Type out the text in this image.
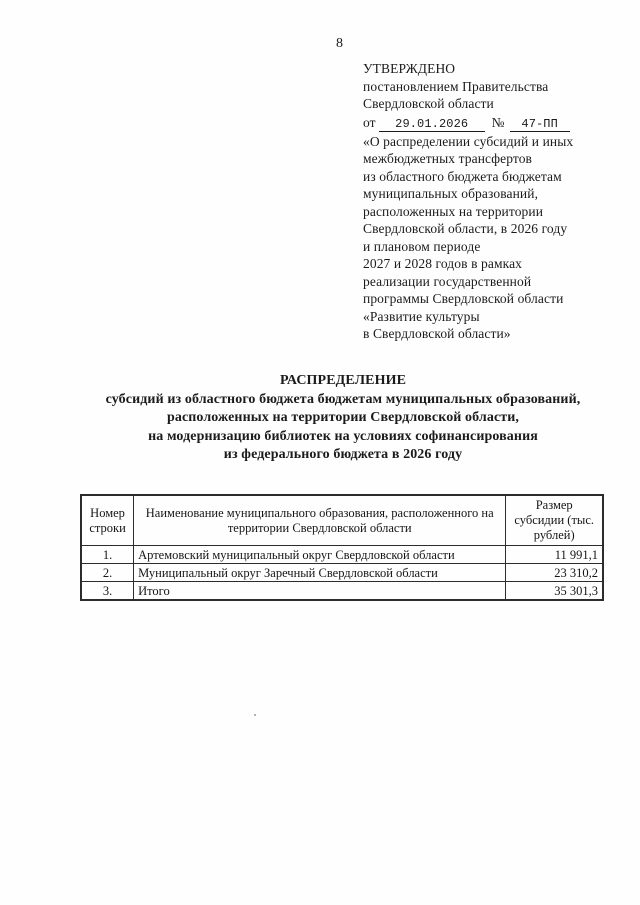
8
УТВЕРЖДЕНО
постановлением Правительства
Свердловской области
от 29.01.2026 № 47-ПП
«О распределении субсидий и иных
межбюджетных трансфертов
из областного бюджета бюджетам
муниципальных образований,
расположенных на территории
Свердловской области, в 2026 году
и плановом периоде
2027 и 2028 годов в рамках
реализации государственной
программы Свердловской области
«Развитие культуры
в Свердловской области»
РАСПРЕДЕЛЕНИЕ
субсидий из областного бюджета бюджетам муниципальных образований,
расположенных на территории Свердловской области,
на модернизацию библиотек на условиях софинансирования
из федерального бюджета в 2026 году
Номер строки	Наименование муниципального образования, расположенного на территории Свердловской области	Размер субсидии (тыс. рублей)
1.	Артемовский муниципальный округ Свердловской области	11 991,1
2.	Муниципальный округ Заречный Свердловской области	23 310,2
3.	Итого	35 301,3
